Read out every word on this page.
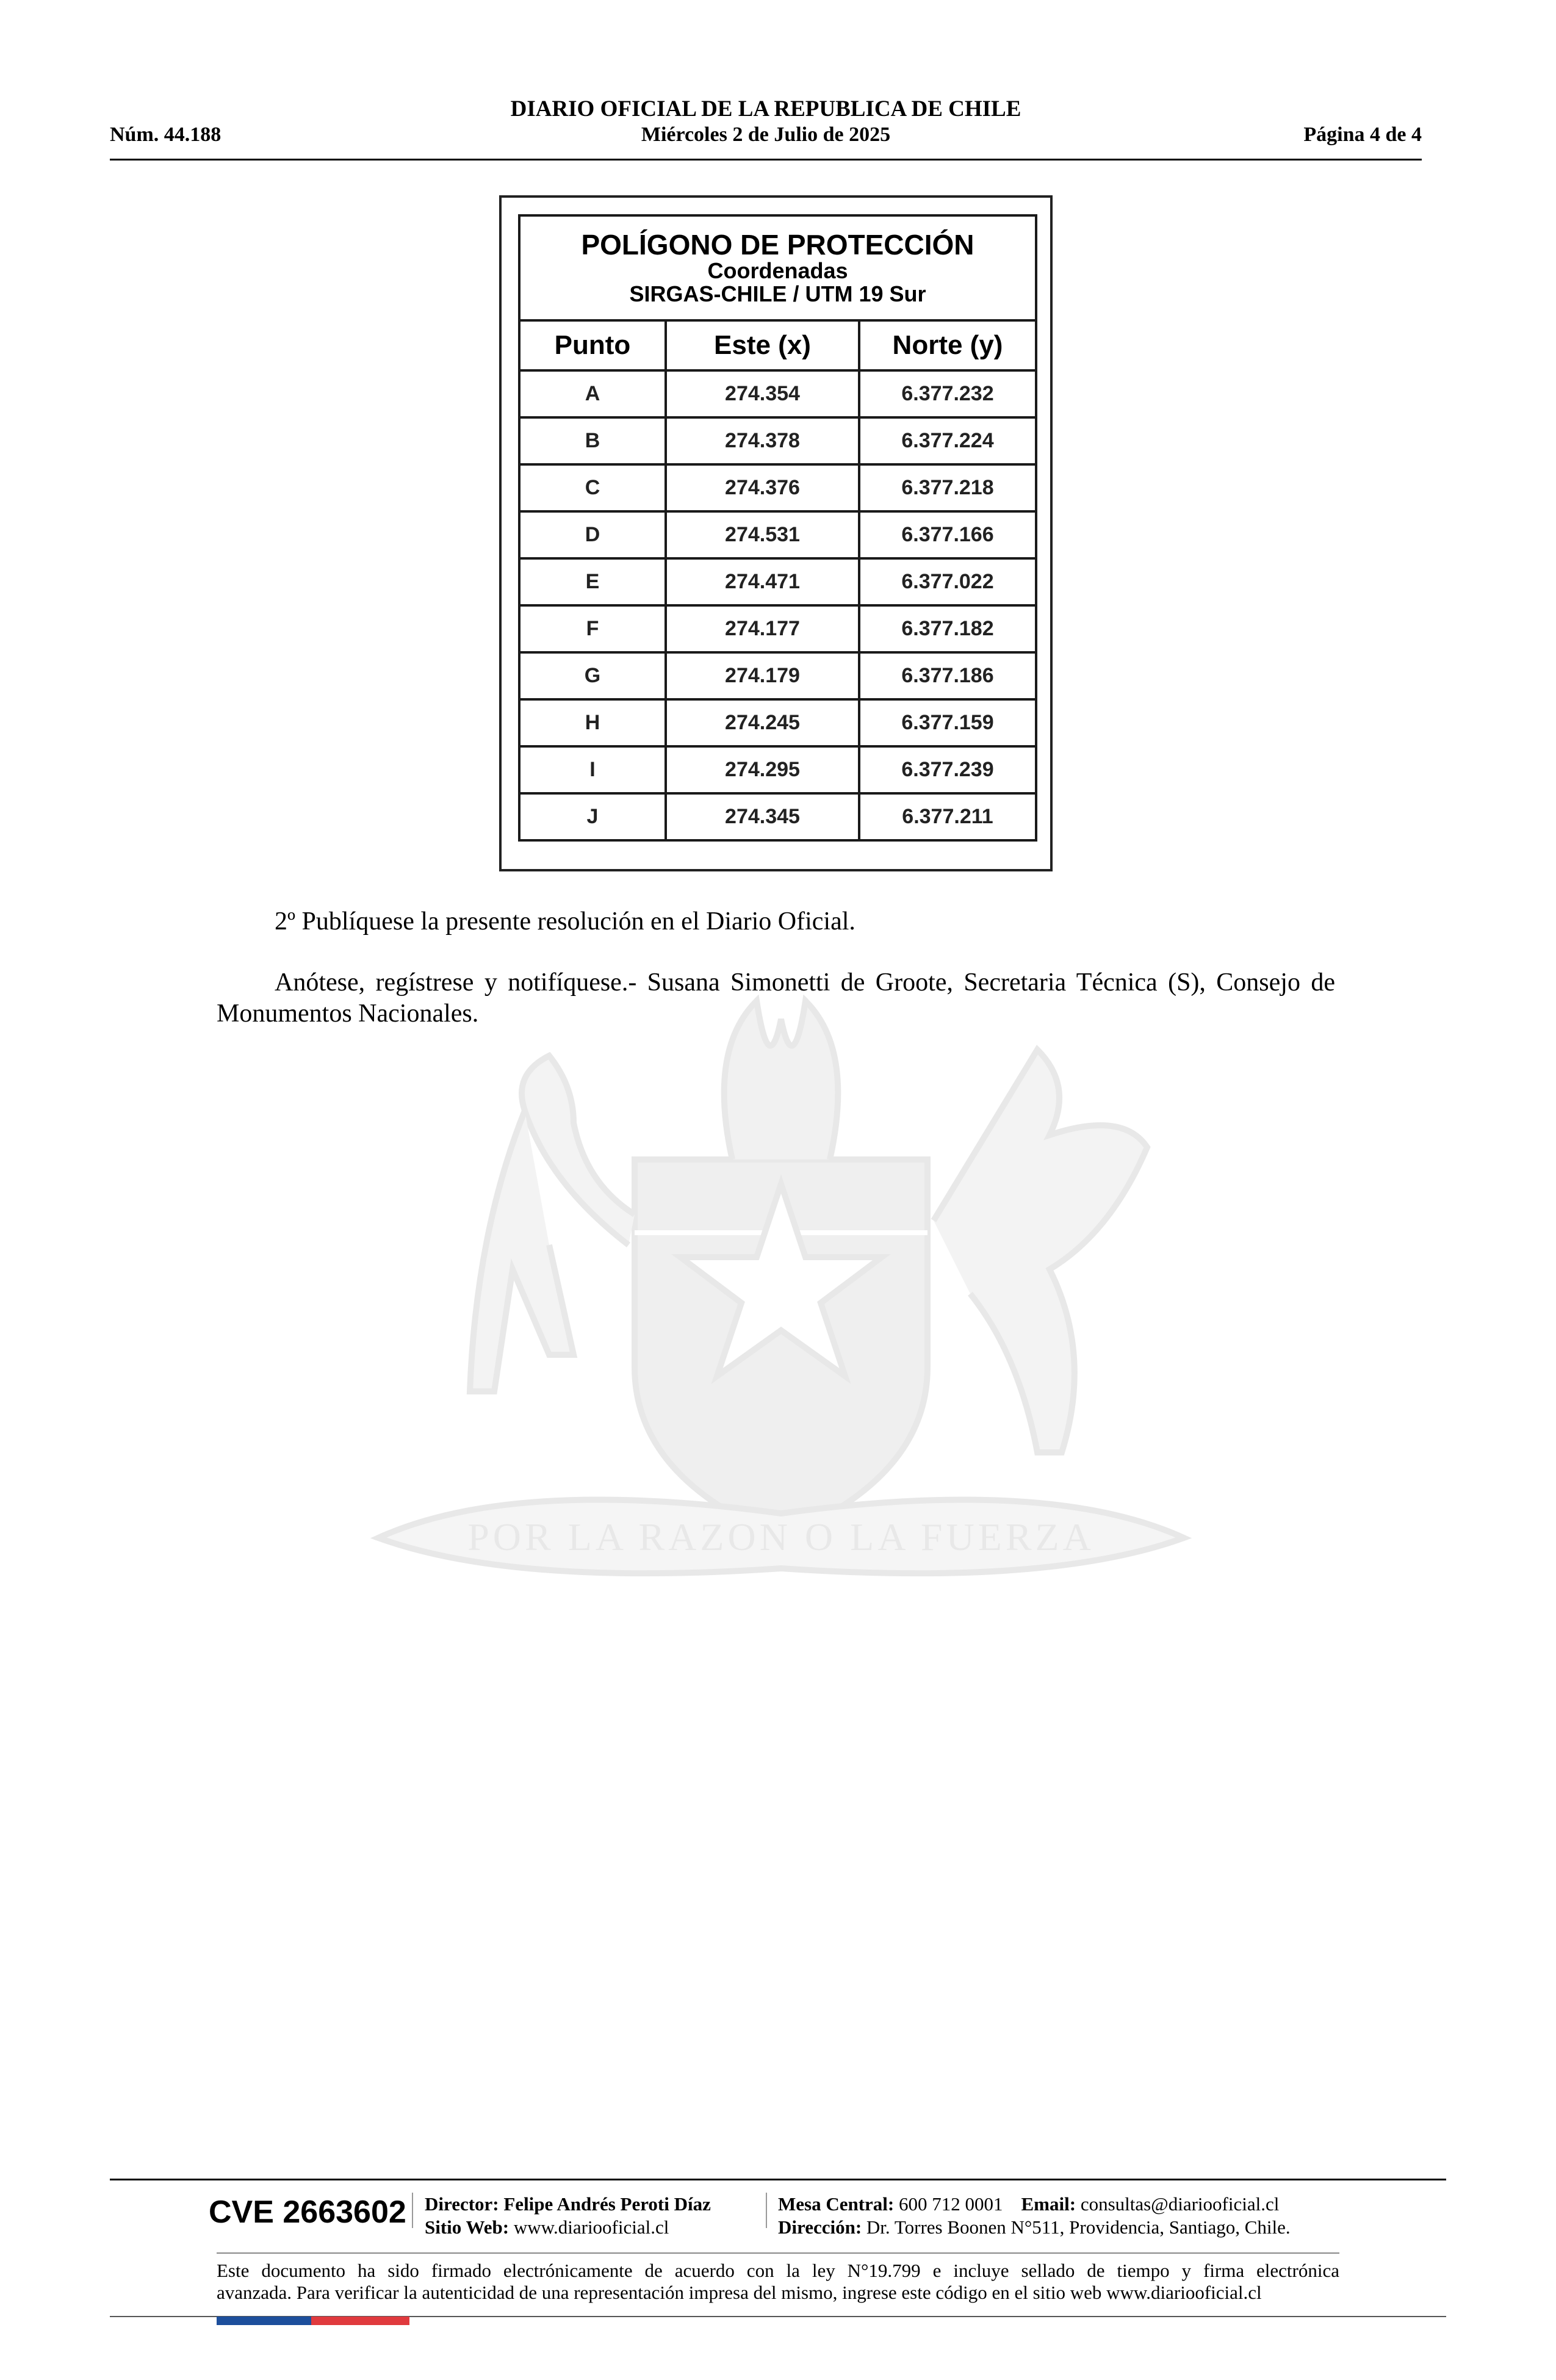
DIARIO OFICIAL DE LA REPUBLICA DE CHILE
Núm. 44.188	Miércoles 2 de Julio de 2025	Página 4 de 4
POR LA RAZON O LA FUERZA
POLÍGONO DE PROTECCIÓN
Coordenadas
SIRGAS-CHILE / UTM 19 Sur		

Punto	Este (x)	Norte (y)
A	274.354	6.377.232
B	274.378	6.377.224
C	274.376	6.377.218
D	274.531	6.377.166
E	274.471	6.377.022
F	274.177	6.377.182
G	274.179	6.377.186
H	274.245	6.377.159
I	274.295	6.377.239
J	274.345	6.377.211
2º Publíquese la presente resolución en el Diario Oficial.
Anótese, regístrese y notifíquese.- Susana Simonetti de Groote, Secretaria Técnica (S), Consejo de Monumentos Nacionales.
CVE 2663602 Director: Felipe Andrés Peroti Díaz
Sitio Web: www.diariooficial.cl
Mesa Central: 600 712 0001 Email: consultas@diariooficial.cl
Dirección: Dr. Torres Boonen N°511, Providencia, Santiago, Chile.
Este documento ha sido firmado electrónicamente de acuerdo con la ley N°19.799 e incluye sellado de tiempo y firma electrónica
avanzada. Para verificar la autenticidad de una representación impresa del mismo, ingrese este código en el sitio web www.diariooficial.cl
